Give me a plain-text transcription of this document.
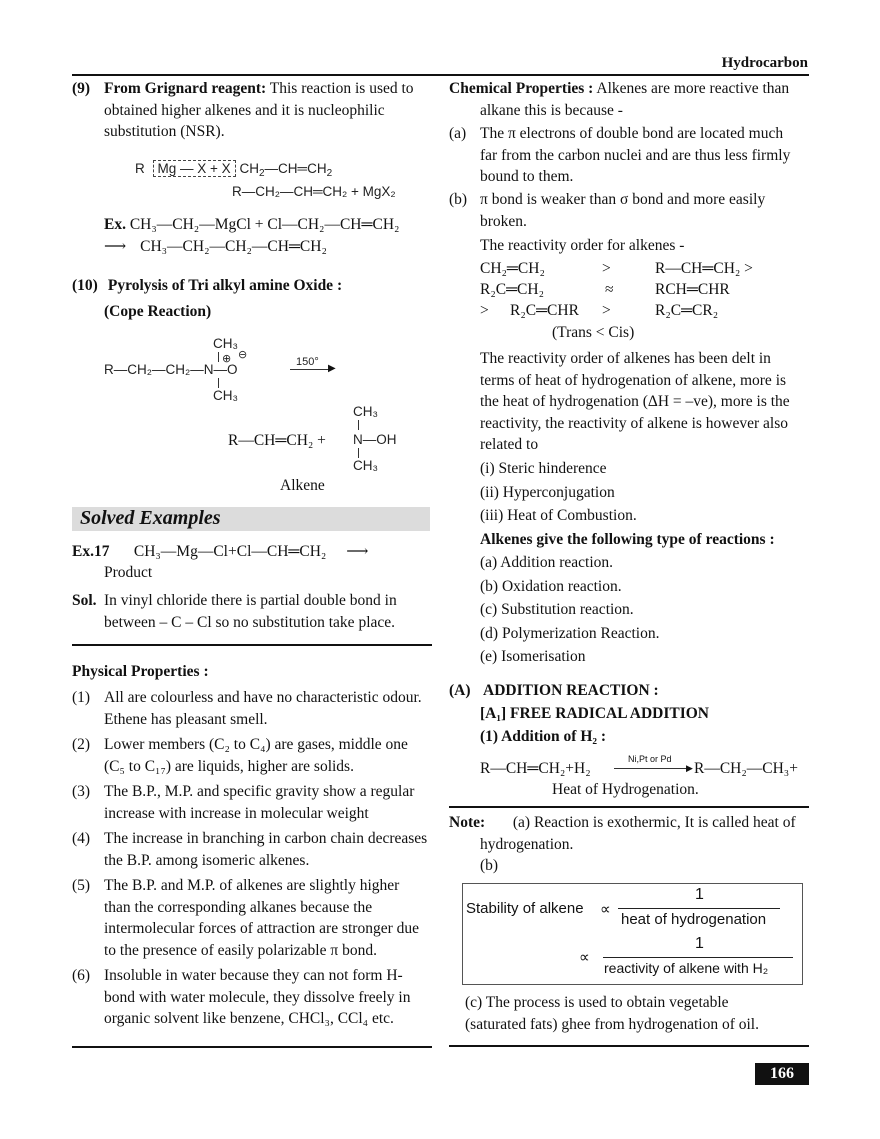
Hydrocarbon
(9) From Grignard reagent: This reaction is used to
obtained higher alkenes and it is nucleophilic
substitution (NSR).
R Mg — X + X $CH_2—CH═CH_2$
R—CH₂—CH═CH₂ + MgX₂
Ex. CH₃—CH₂—MgCl + Cl—CH₂—CH═CH₂
⟶ CH₃—CH₂—CH₂—CH═CH₂
(10) Pyrolysis of Tri alkyl amine Oxide :
(Cope Reaction)
CH₃
⊕ ⊖
R—CH₂—CH₂—N—O
CH₃
150°
▶
CH₃
R—CH═CH₂ + N—OH
CH₃
Alkene
Solved Examples
Ex.17 CH₃—Mg—Cl+Cl—CH═CH₂ ⟶
Product
Sol. In vinyl chloride there is partial double bond in
between – C – Cl so no substitution take place.
Physical Properties :
(1) All are colourless and have no characteristic odour.
Ethene has pleasant smell.
(2) Lower members (C₂ to C₄) are gases, middle one
(C₅ to C₁₇) are liquids, higher are solids.
(3) The B.P., M.P. and specific gravity show a regular
increase with increase in molecular weight
(4) The increase in branching in carbon chain decreases
the B.P. among isomeric alkenes.
(5) The B.P. and M.P. of alkenes are slightly higher
than the corresponding alkanes because the
intermolecular forces of attraction are stronger due
to the presence of easily polarizable π bond.
(6) Insoluble in water because they can not form H-
bond with water molecule, they dissolve freely in
organic solvent like benzene, CHCl₃, CCl₄ etc.
Chemical Properties : Alkenes are more reactive than
alkane this is because -
(a) The π electrons of double bond are located much
far from the carbon nuclei and are thus less firmly
bound to them.
(b) π bond is weaker than σ bond and more easily
broken.
The reactivity order for alkenes -
CH₂═CH₂	>	R—CH═CH₂ >
R₂C═CH₂	≈	RCH═CHR
> R₂C═CHR >	R₂C═CR₂
(Trans < Cis)
The reactivity order of alkenes has been delt in
terms of heat of hydrogenation of alkene, more is
the heat of hydrogenation (ΔH = –ve), more is the
reactivity, the reactivity of alkene is however also
related to
(i) Steric hinderence
(ii) Hyperconjugation
(iii) Heat of Combustion.
Alkenes give the following type of reactions :
(a) Addition reaction.
(b) Oxidation reaction.
(c) Substitution reaction.
(d) Polymerization Reaction.
(e) Isomerisation
(A) ADDITION REACTION :
[A₁] FREE RADICAL ADDITION
(1) Addition of H₂ :
R—CH═CH₂+H₂
Ni,Pt or Pd
▶ R—CH₂—CH₃+
Heat of Hydrogenation.
Note: (a) Reaction is exothermic, It is called heat of
hydrogenation.
(b)
Stability of alkene ∝
1
heat of hydrogenation
∝
1
reactivity of alkene with H₂
(c) The process is used to obtain vegetable
(saturated fats) ghee from hydrogenation of oil.
166
